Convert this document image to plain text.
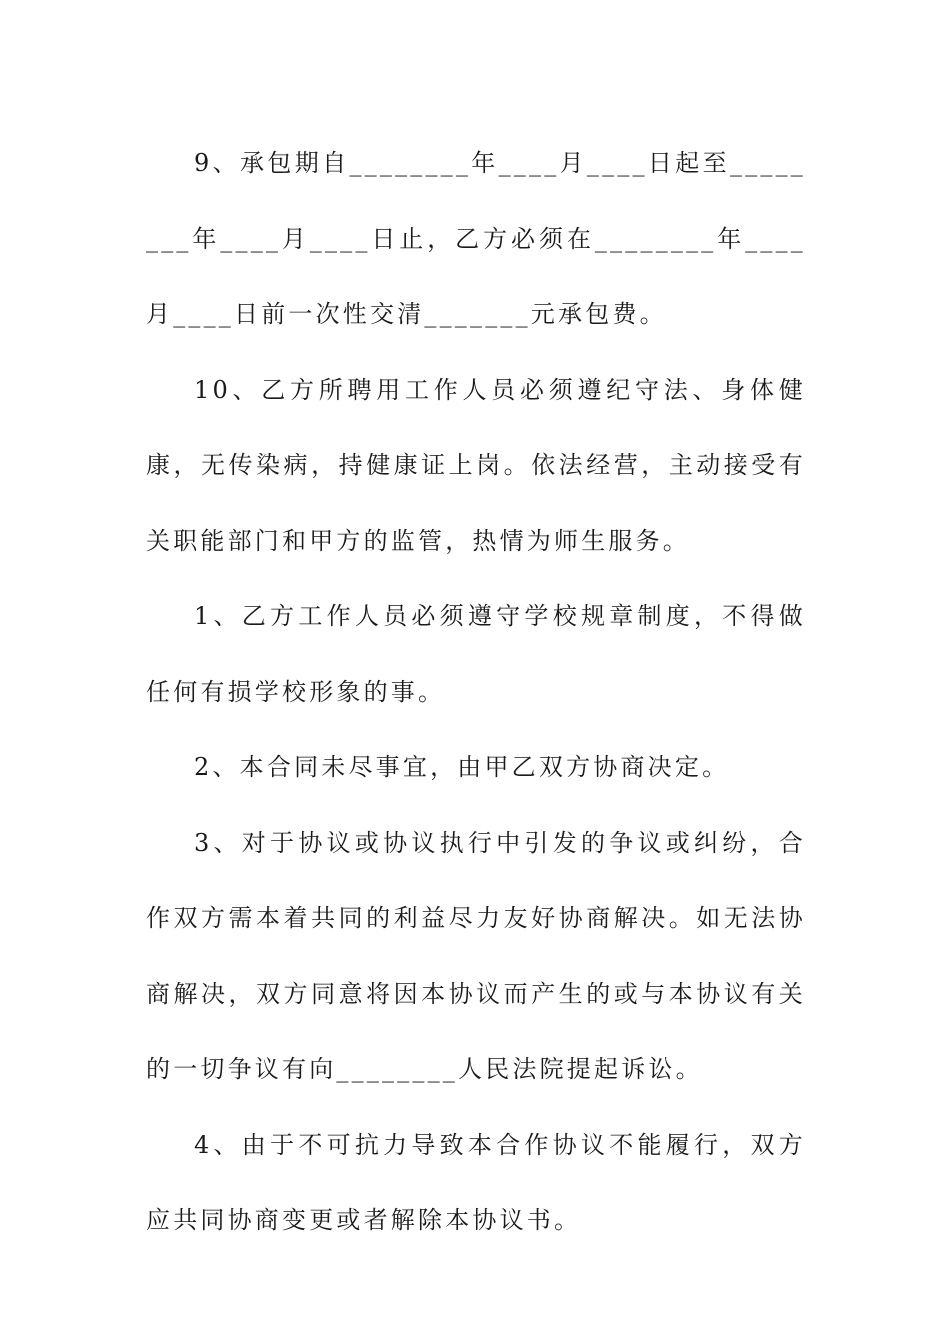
9、承包期自________年____月____日起至________年____月____日止，乙方必须在________年____月____日前一次性交清_______元承包费。

10、乙方所聘用工作人员必须遵纪守法、身体健康，无传染病，持健康证上岗。依法经营，主动接受有关职能部门和甲方的监管，热情为师生服务。

1、乙方工作人员必须遵守学校规章制度，不得做任何有损学校形象的事。

2、本合同未尽事宜，由甲乙双方协商决定。

3、对于协议或协议执行中引发的争议或纠纷，合作双方需本着共同的利益尽力友好协商解决。如无法协商解决，双方同意将因本协议而产生的或与本协议有关的一切争议有向________人民法院提起诉讼。

4、由于不可抗力导致本合作协议不能履行，双方应共同协商变更或者解除本协议书。
